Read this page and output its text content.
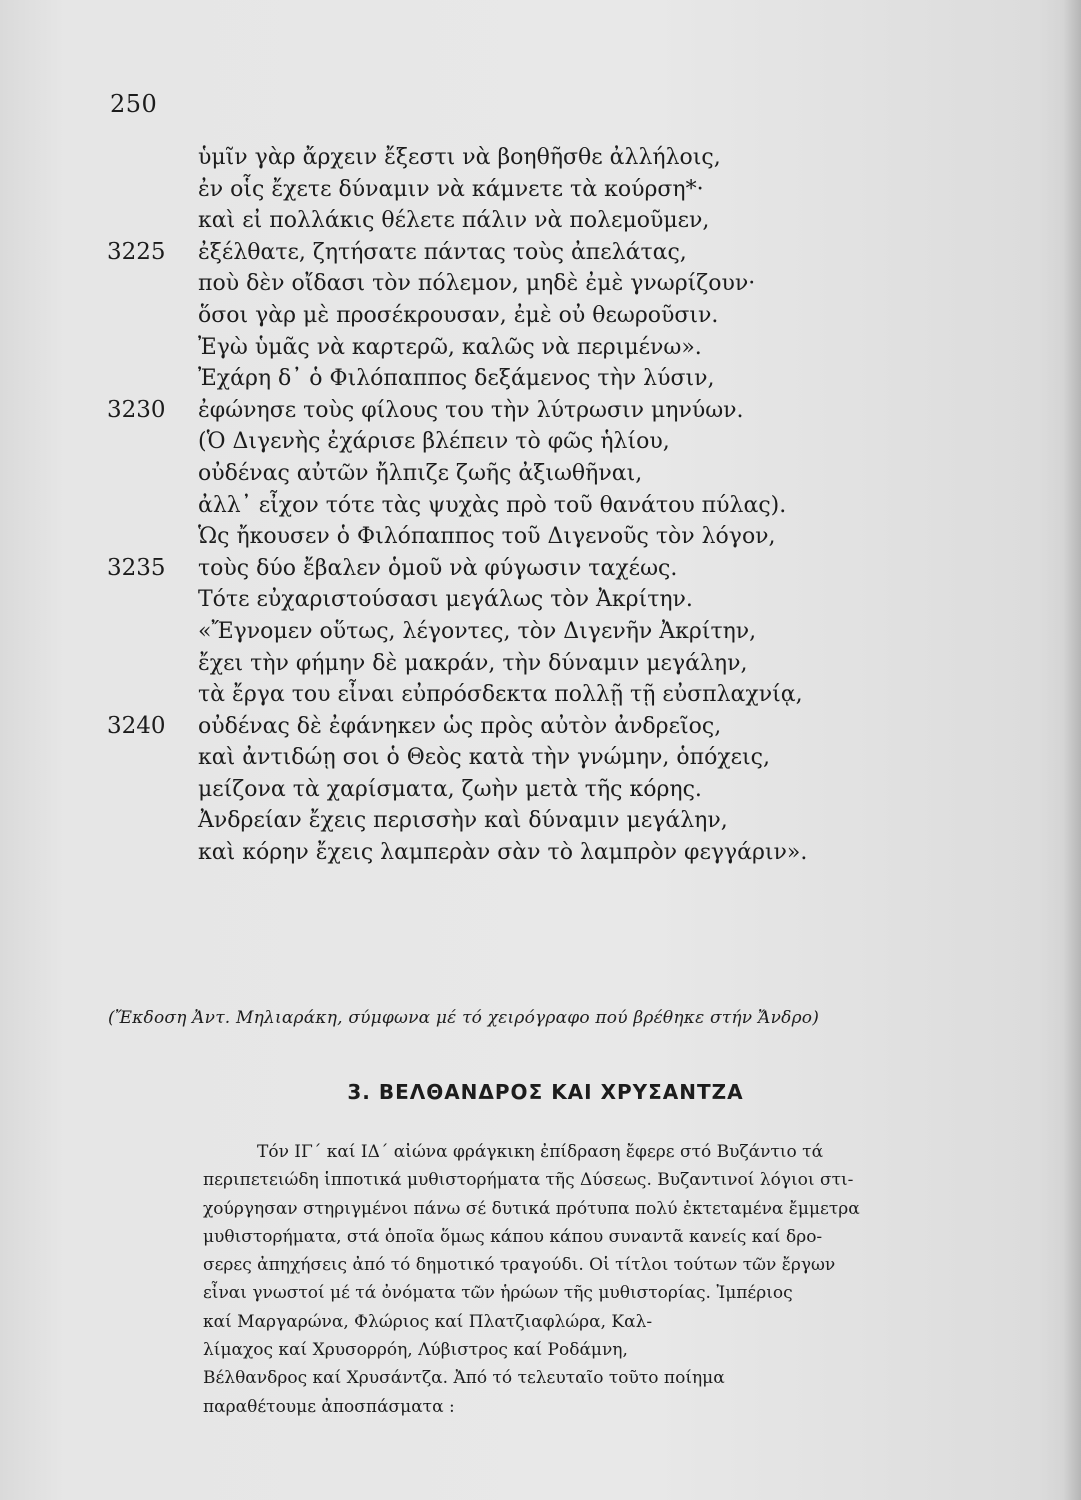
250
ὑμῖν γὰρ ἄρχειν ἔξεστι νὰ βοηθῆσθε ἀλλήλοις,
ἐν οἷς ἔχετε δύναμιν νὰ κάμνετε τὰ κούρση*·
καὶ εἰ πολλάκις θέλετε πάλιν νὰ πολεμοῦμεν,
3225	ἐξέλθατε, ζητήσατε πάντας τοὺς ἀπελάτας,
ποὺ δὲν οἴδασι τὸν πόλεμον, μηδὲ ἐμὲ γνωρίζουν·
ὅσοι γὰρ μὲ προσέκρουσαν, ἐμὲ οὐ θεωροῦσιν.
Ἐγὼ ὑμᾶς νὰ καρτερῶ, καλῶς νὰ περιμένω».
Ἐχάρη δ᾽ ὁ Φιλόπαππος δεξάμενος τὴν λύσιν,
3230	ἐφώνησε τοὺς φίλους του τὴν λύτρωσιν μηνύων.
(Ὁ Διγενὴς ἐχάρισε βλέπειν τὸ φῶς ἡλίου,
οὐδένας αὐτῶν ἤλπιζε ζωῆς ἀξιωθῆναι,
ἀλλ᾽ εἶχον τότε τὰς ψυχὰς πρὸ τοῦ θανάτου πύλας).
Ὡς ἤκουσεν ὁ Φιλόπαππος τοῦ Διγενοῦς τὸν λόγον,
3235	τοὺς δύο ἔβαλεν ὁμοῦ νὰ φύγωσιν ταχέως.
Τότε εὐχαριστούσασι μεγάλως τὸν Ἀκρίτην.
«Ἔγνομεν οὕτως, λέγοντες, τὸν Διγενῆν Ἀκρίτην,
ἔχει τὴν φήμην δὲ μακράν, τὴν δύναμιν μεγάλην,
τὰ ἔργα του εἶναι εὐπρόσδεκτα πολλῇ τῇ εὐσπλαχνίᾳ,
3240	οὐδένας δὲ ἐφάνηκεν ὡς πρὸς αὐτὸν ἀνδρεῖος,
καὶ ἀντιδώῃ σοι ὁ Θεὸς κατὰ τὴν γνώμην, ὁπόχεις,
μείζονα τὰ χαρίσματα, ζωὴν μετὰ τῆς κόρης.
Ἀνδρείαν ἔχεις περισσὴν καὶ δύναμιν μεγάλην,
καὶ κόρην ἔχεις λαμπερὰν σὰν τὸ λαμπρὸν φεγγάριν».
(Ἔκδοση Ἀντ. Μηλιαράκη, σύμφωνα μέ τό χειρόγραφο πού βρέθηκε στήν Ἄνδρο)
3. ΒΕΛΘΑΝΔΡΟΣ ΚΑΙ ΧΡΥΣΑΝΤΖΑ
Τόν ΙΓ΄ καί ΙΔ΄ αἰώνα φράγκικη ἐπίδραση ἔφερε στό Βυζάντιο τά
περιπετειώδη ἱπποτικά μυθιστορήματα τῆς Δύσεως. Βυζαντινοί λόγιοι στι-
χούργησαν στηριγμένοι πάνω σέ δυτικά πρότυπα πολύ ἐκτεταμένα ἔμμετρα
μυθιστορήματα, στά ὁποῖα ὅμως κάπου κάπου συναντᾶ κανείς καί δρο-
σερες ἀπηχήσεις ἀπό τό δημοτικό τραγούδι. Οἱ τίτλοι τούτων τῶν ἔργων
εἶναι γνωστοί μέ τά ὀνόματα τῶν ἡρώων τῆς μυθιστορίας. Ἰμπέριος
καί Μαργαρώνα, Φλώριος καί Πλατζιαφλώρα, Καλ-
λίμαχος καί Χρυσορρόη, Λύβιστρος καί Ροδάμνη,
Βέλθανδρος καί Χρυσάντζα. Ἀπό τό τελευταῖο τοῦτο ποίημα
παραθέτουμε ἀποσπάσματα :
